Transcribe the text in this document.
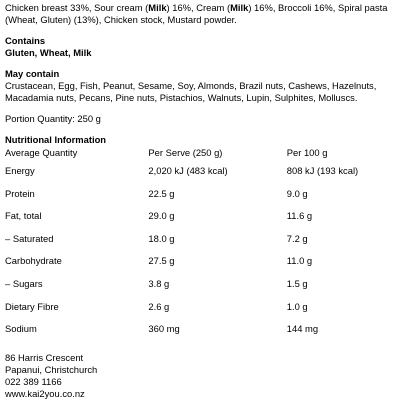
Chicken breast 33%, Sour cream (Milk) 16%, Cream (Milk) 16%, Broccoli 16%, Spiral pasta (Wheat, Gluten) (13%), Chicken stock, Mustard powder.

Contains

Gluten, Wheat, Milk

May contain

Crustacean, Egg, Fish, Peanut, Sesame, Soy, Almonds, Brazil nuts, Cashews, Hazelnuts, Macadamia nuts, Pecans, Pine nuts, Pistachios, Walnuts, Lupin, Sulphites, Molluscs.

Portion Quantity: 250 g

Nutritional Information

Average Quantity	Per Serve (250 g)	Per 100 g
Energy	2,020 kJ (483 kcal)	808 kJ (193 kcal)
Protein	22.5 g	9.0 g
Fat, total	29.0 g	11.6 g
– Saturated	18.0 g	7.2 g
Carbohydrate	27.5 g	11.0 g
– Sugars	3.8 g	1.5 g
Dietary Fibre	2.6 g	1.0 g
Sodium	360 mg	144 mg
86 Harris Crescent
Papanui, Christchurch
022 389 1166
www.kai2you.co.nz
